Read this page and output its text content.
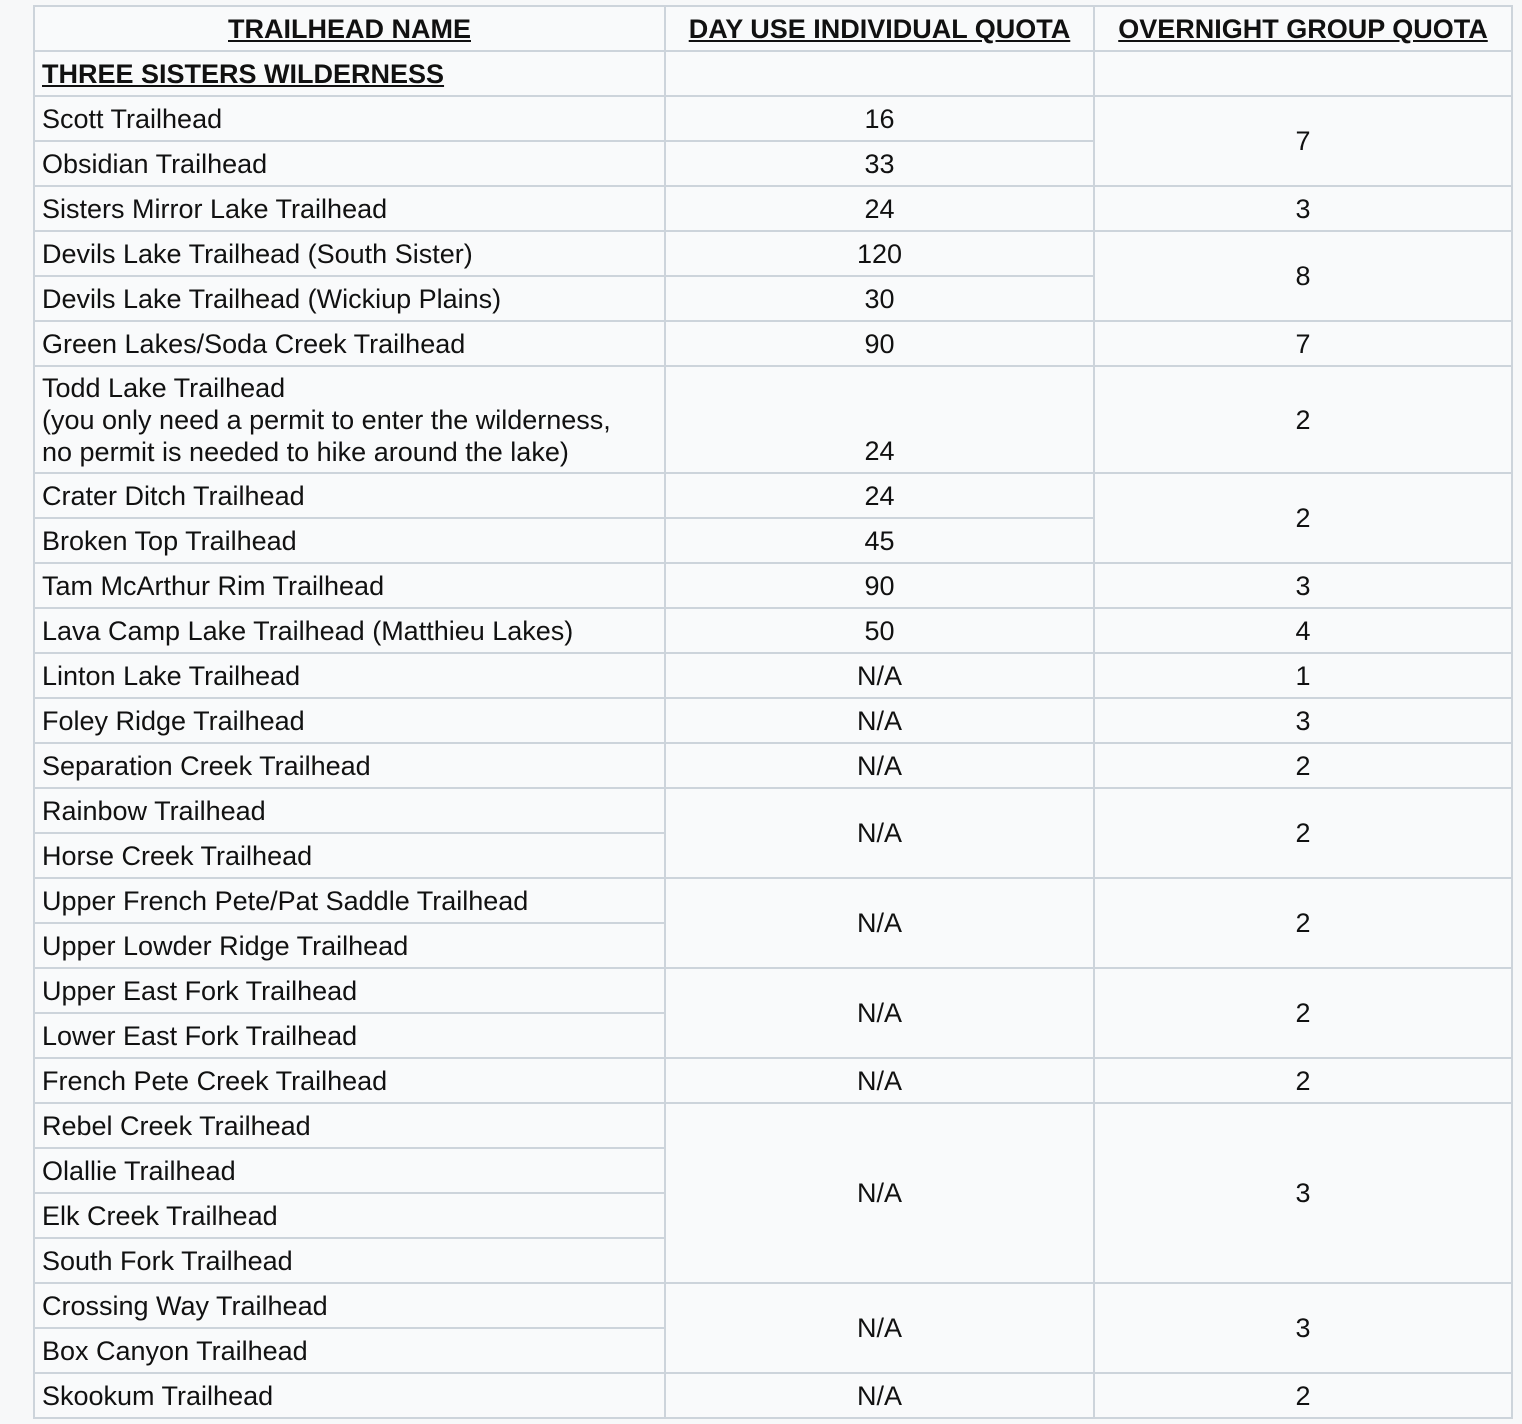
TRAILHEAD NAME	DAY USE INDIVIDUAL QUOTA	OVERNIGHT GROUP QUOTA
THREE SISTERS WILDERNESS		
Scott Trailhead	16	7
Obsidian Trailhead	33	
Sisters Mirror Lake Trailhead	24	3
Devils Lake Trailhead (South Sister)	120	8
Devils Lake Trailhead (Wickiup Plains)	30	
Green Lakes/Soda Creek Trailhead	90	7

Todd Lake Trailhead
(you only need a permit to enter the wilderness,
no permit is needed to hike around the lake)	24	2
Crater Ditch Trailhead	24	2
Broken Top Trailhead	45	
Tam McArthur Rim Trailhead	90	3
Lava Camp Lake Trailhead (Matthieu Lakes)	50	4
Linton Lake Trailhead	N/A	1
Foley Ridge Trailhead	N/A	3
Separation Creek Trailhead	N/A	2
Rainbow Trailhead	N/A	2
Horse Creek Trailhead		
Upper French Pete/Pat Saddle Trailhead	N/A	2
Upper Lowder Ridge Trailhead		
Upper East Fork Trailhead	N/A	2
Lower East Fork Trailhead		
French Pete Creek Trailhead	N/A	2
Rebel Creek Trailhead	N/A	3
Olallie Trailhead		
Elk Creek Trailhead		
South Fork Trailhead		
Crossing Way Trailhead	N/A	3
Box Canyon Trailhead		
Skookum Trailhead	N/A	2
